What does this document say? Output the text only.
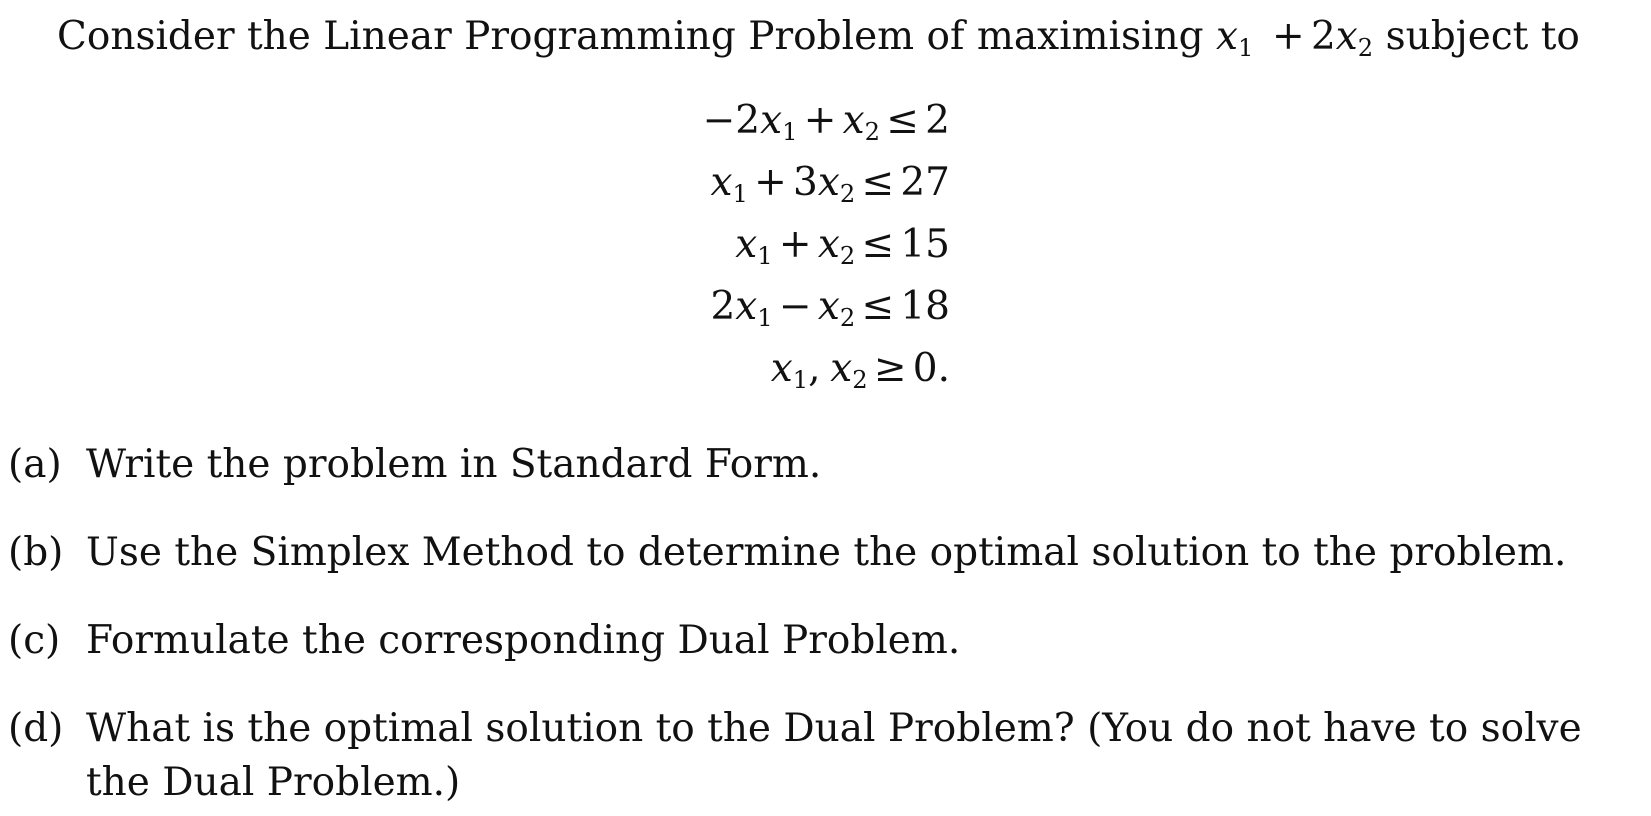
Consider the Linear Programming Problem of maximising $x_1 + 2x_2$ subject to
$-2x_1 + x_2 \le 2$
$x_1 + 3x_2 \le 27$
$x_1 + x_2 \le 15$
$2x_1 - x_2 \le 18$
$x_1$, $x_2 \ge 0$.
(a) Write the problem in Standard Form.
(b) Use the Simplex Method to determine the optimal solution to the problem.
(c) Formulate the corresponding Dual Problem.
(d) What is the optimal solution to the Dual Problem? (You do not have to solve the Dual Problem.)
